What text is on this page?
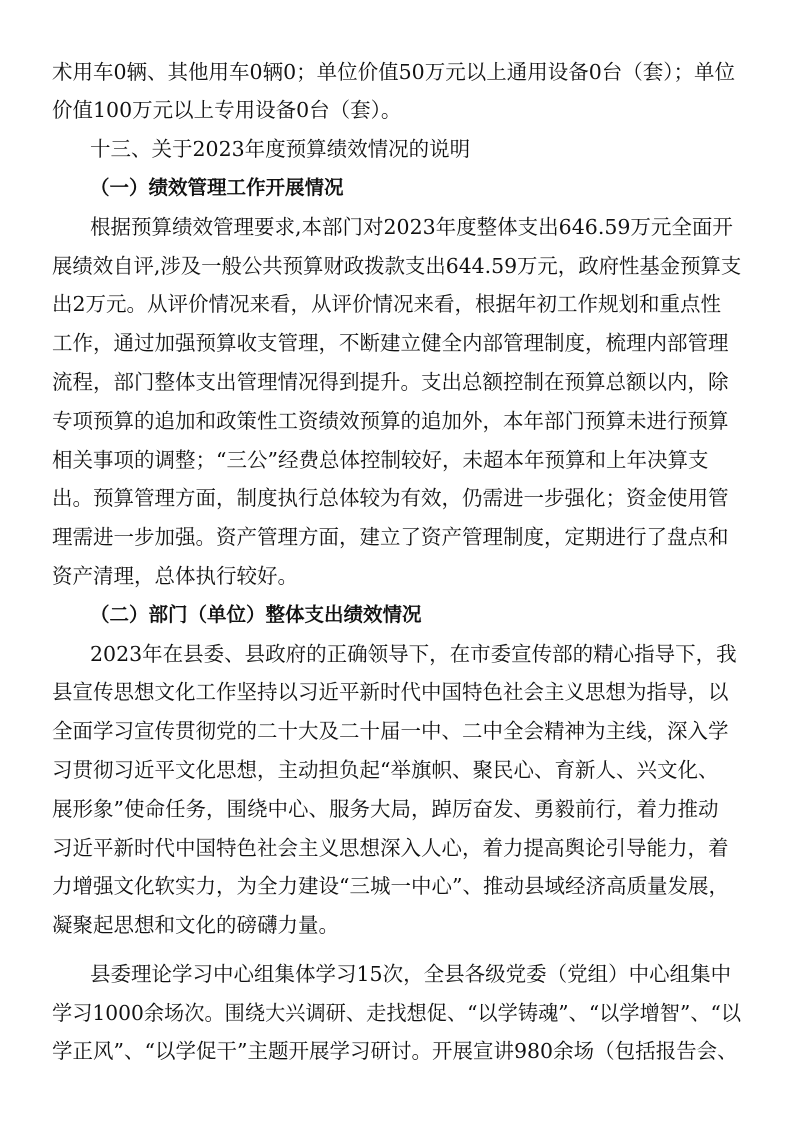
术用车0辆、其他用车0辆0；单位价值50万元以上通用设备0台（套）；单位
价值100万元以上专用设备0台（套）。
十三、关于2023年度预算绩效情况的说明
（一）绩效管理工作开展情况
根据预算绩效管理要求,本部门对2023年度整体支出646.59万元全面开
展绩效自评,涉及一般公共预算财政拨款支出644.59万元，政府性基金预算支
出2万元。从评价情况来看，从评价情况来看，根据年初工作规划和重点性
工作，通过加强预算收支管理，不断建立健全内部管理制度，梳理内部管理
流程，部门整体支出管理情况得到提升。支出总额控制在预算总额以内，除
专项预算的追加和政策性工资绩效预算的追加外，本年部门预算未进行预算
相关事项的调整；“三公”经费总体控制较好，未超本年预算和上年决算支
出。预算管理方面，制度执行总体较为有效，仍需进一步强化；资金使用管
理需进一步加强。资产管理方面，建立了资产管理制度，定期进行了盘点和
资产清理，总体执行较好。
（二）部门（单位）整体支出绩效情况
2023年在县委、县政府的正确领导下，在市委宣传部的精心指导下，我
县宣传思想文化工作坚持以习近平新时代中国特色社会主义思想为指导，以
全面学习宣传贯彻党的二十大及二十届一中、二中全会精神为主线，深入学
习贯彻习近平文化思想，主动担负起“举旗帜、聚民心、育新人、兴文化、
展形象”使命任务，围绕中心、服务大局，踔厉奋发、勇毅前行，着力推动
习近平新时代中国特色社会主义思想深入人心，着力提高舆论引导能力，着
力增强文化软实力，为全力建设“三城一中心”、推动县域经济高质量发展，
凝聚起思想和文化的磅礴力量。
县委理论学习中心组集体学习15次，全县各级党委（党组）中心组集中
学习1000余场次。围绕大兴调研、走找想促、“以学铸魂”、“以学增智”、“以
学正风”、“以学促干”主题开展学习研讨。开展宣讲980余场（包括报告会、
